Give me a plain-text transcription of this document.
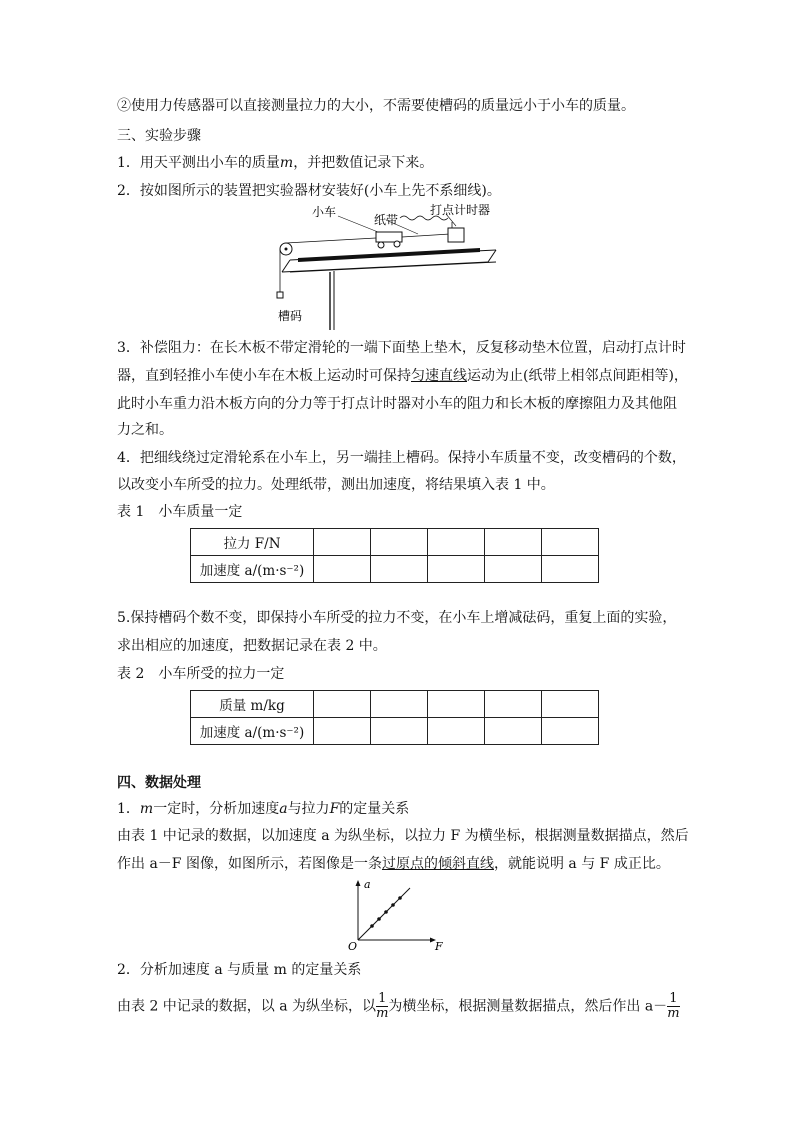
②使用力传感器可以直接测量拉力的大小，不需要使槽码的质量远小于小车的质量。
三、实验步骤
1．用天平测出小车的质量m，并把数值记录下来。
2．按如图所示的装置把实验器材安装好(小车上先不系细线)。
小车
纸带
打点计时器
槽码
3．补偿阻力：在长木板不带定滑轮的一端下面垫上垫木，反复移动垫木位置，启动打点计时
器，直到轻推小车使小车在木板上运动时可保持匀速直线运动为止(纸带上相邻点间距相等)，
此时小车重力沿木板方向的分力等于打点计时器对小车的阻力和长木板的摩擦阻力及其他阻
力之和。
4．把细线绕过定滑轮系在小车上，另一端挂上槽码。保持小车质量不变，改变槽码的个数，
以改变小车所受的拉力。处理纸带，测出加速度，将结果填入表 1 中。
表 1　小车质量一定
拉力 F/N					
加速度 a/(m·s⁻²)					
5.保持槽码个数不变，即保持小车所受的拉力不变，在小车上增减砝码，重复上面的实验，
求出相应的加速度，把数据记录在表 2 中。
表 2　小车所受的拉力一定
质量 m/kg					
加速度 a/(m·s⁻²)					
四、数据处理
1．m一定时，分析加速度a与拉力F的定量关系
由表 1 中记录的数据，以加速度 a 为纵坐标，以拉力 F 为横坐标，根据测量数据描点，然后
作出 a－F 图像，如图所示，若图像是一条过原点的倾斜直线，就能说明 a 与 F 成正比。
a
F
O
2．分析加速度 a 与质量 m 的定量关系
由表 2 中记录的数据，以 a 为纵坐标，以 $\frac{1}{m}$ 为横坐标，根据测量数据描点，然后作出 $a- \frac{1}{m}$
